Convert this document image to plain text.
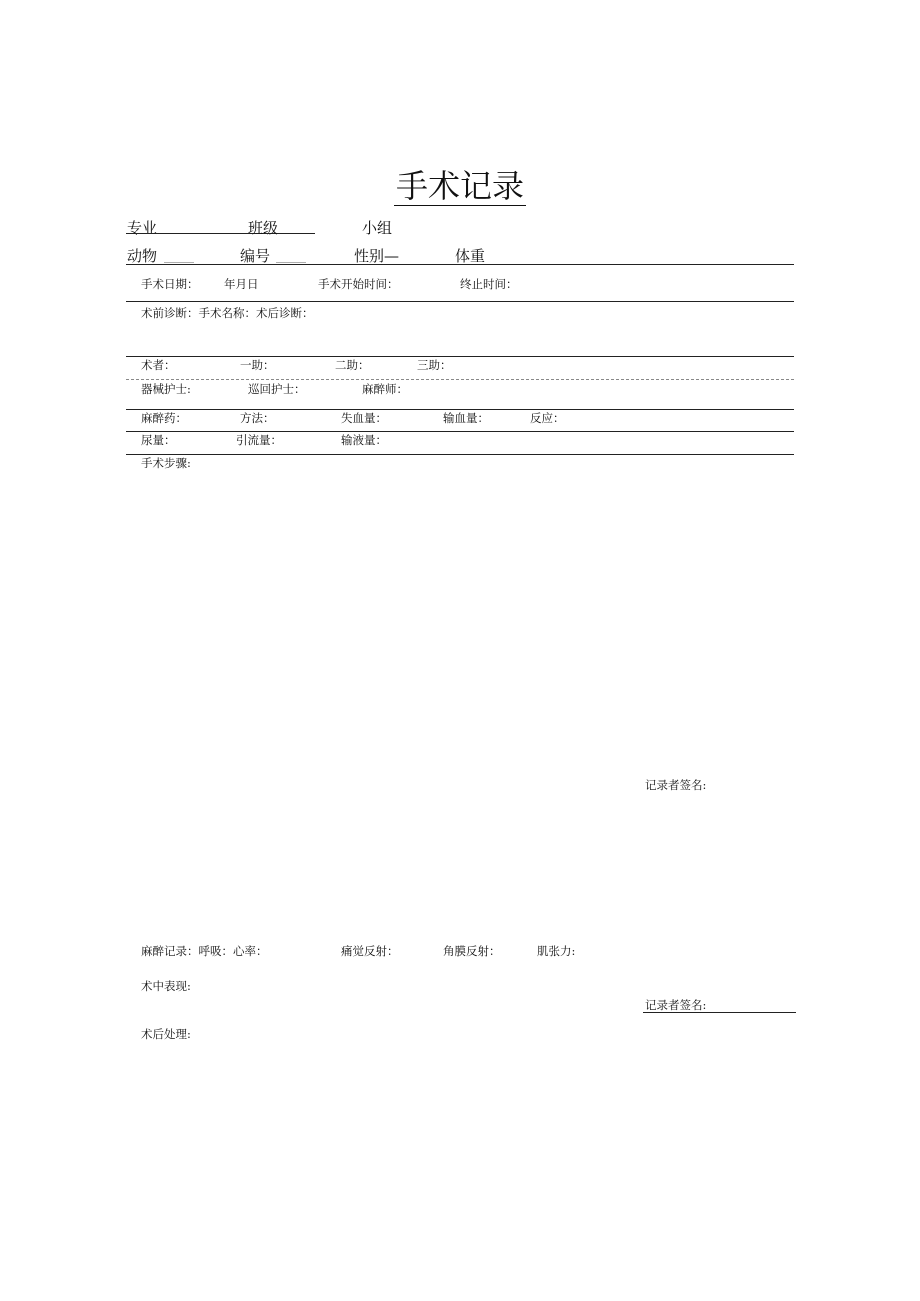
手术记录
专业	班级	小组
动物 ____	编号 ____	性别—	体重
手术日期： 年月日	手术开始时间：	终止时间：
术前诊断：手术名称：术后诊断：
术者：	一助：	二助：	三助：
器械护士:	巡回护士：	麻醉师：
麻醉药：	方法：	失血量：	输血量：	反应：
尿量：	引流量：	输液量：
手术步骤:
记录者签名:
麻醉记录：呼吸：心率：	痛觉反射：	角膜反射：	肌张力:
术中表现:
记录者签名:
术后处理:
